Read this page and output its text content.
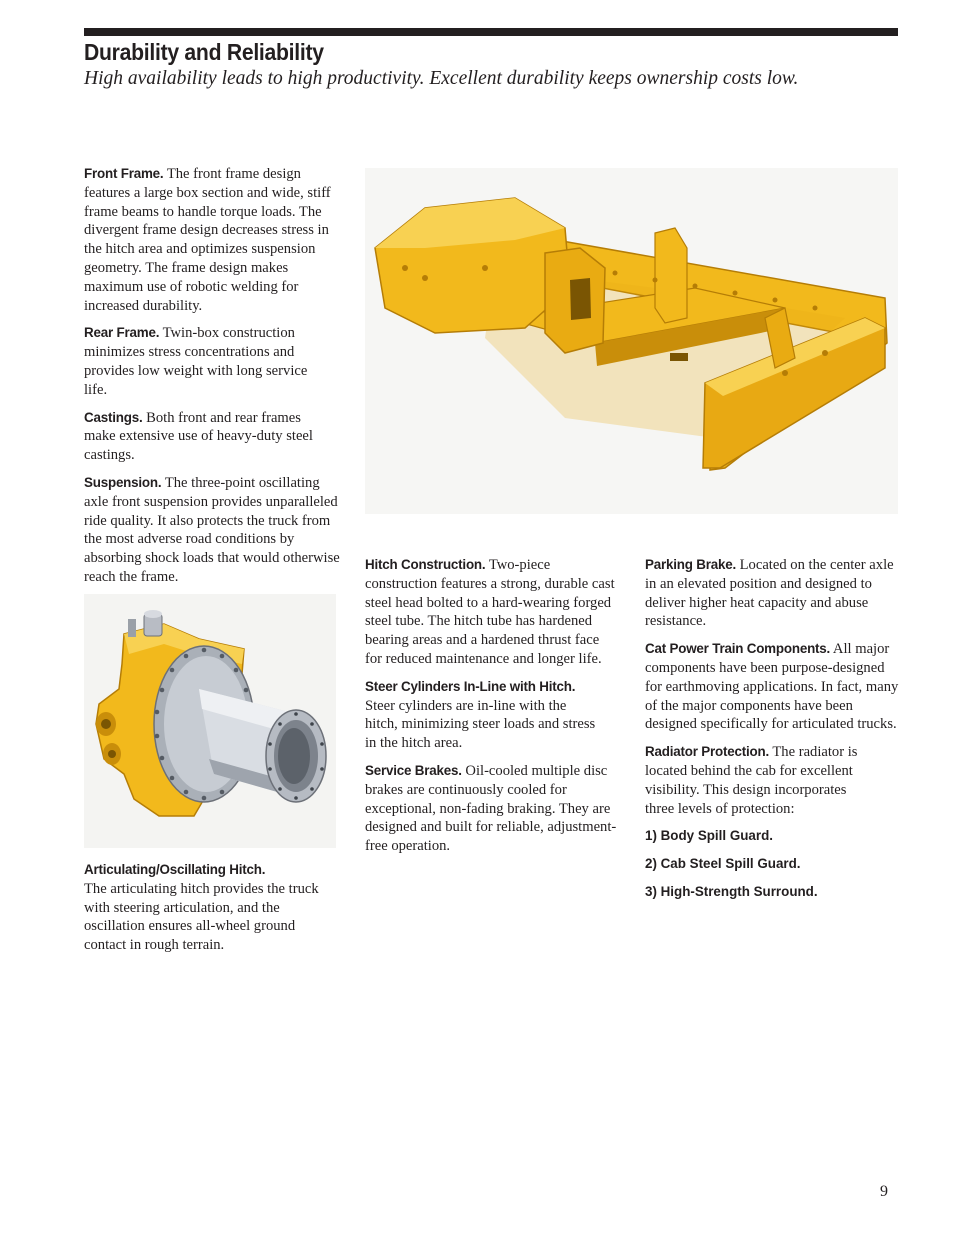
Durability and Reliability

High availability leads to high productivity. Excellent durability keeps ownership costs low.

Front Frame. The front frame design features a large box section and wide, stiff frame beams to handle torque loads. The divergent frame design decreases stress in the hitch area and optimizes suspension geometry. The frame design makes maximum use of robotic welding for increased durability.

Rear Frame. Twin-box construction minimizes stress concentrations and provides low weight with long service life.

Castings. Both front and rear frames make extensive use of heavy-duty steel castings.

Suspension. The three-point oscillating axle front suspension provides unparalleled ride quality. It also protects the truck from the most adverse road conditions by absorbing shock loads that would otherwise reach the frame.

Articulating/Oscillating Hitch.
The articulating hitch provides the truck with steering articulation, and the oscillation ensures all-wheel ground contact in rough terrain.

Hitch Construction. Two-piece construction features a strong, durable cast steel head bolted to a hard-wearing forged steel tube. The hitch tube has hardened bearing areas and a hardened thrust face for reduced maintenance and longer life.

Steer Cylinders In-Line with Hitch.
Steer cylinders are in-line with the hitch, minimizing steer loads and stress in the hitch area.

Service Brakes. Oil-cooled multiple disc brakes are continuously cooled for exceptional, non-fading braking. They are designed and built for reliable, adjustment-free operation.

Parking Brake. Located on the center axle in an elevated position and designed to deliver higher heat capacity and abuse resistance.

Cat Power Train Components. All major components have been purpose-designed for earthmoving applications. In fact, many of the major components have been designed specifically for articulated trucks.

Radiator Protection. The radiator is located behind the cab for excellent visibility. This design incorporates three levels of protection:

1) Body Spill Guard.
2) Cab Steel Spill Guard.
3) High-Strength Surround.
9
